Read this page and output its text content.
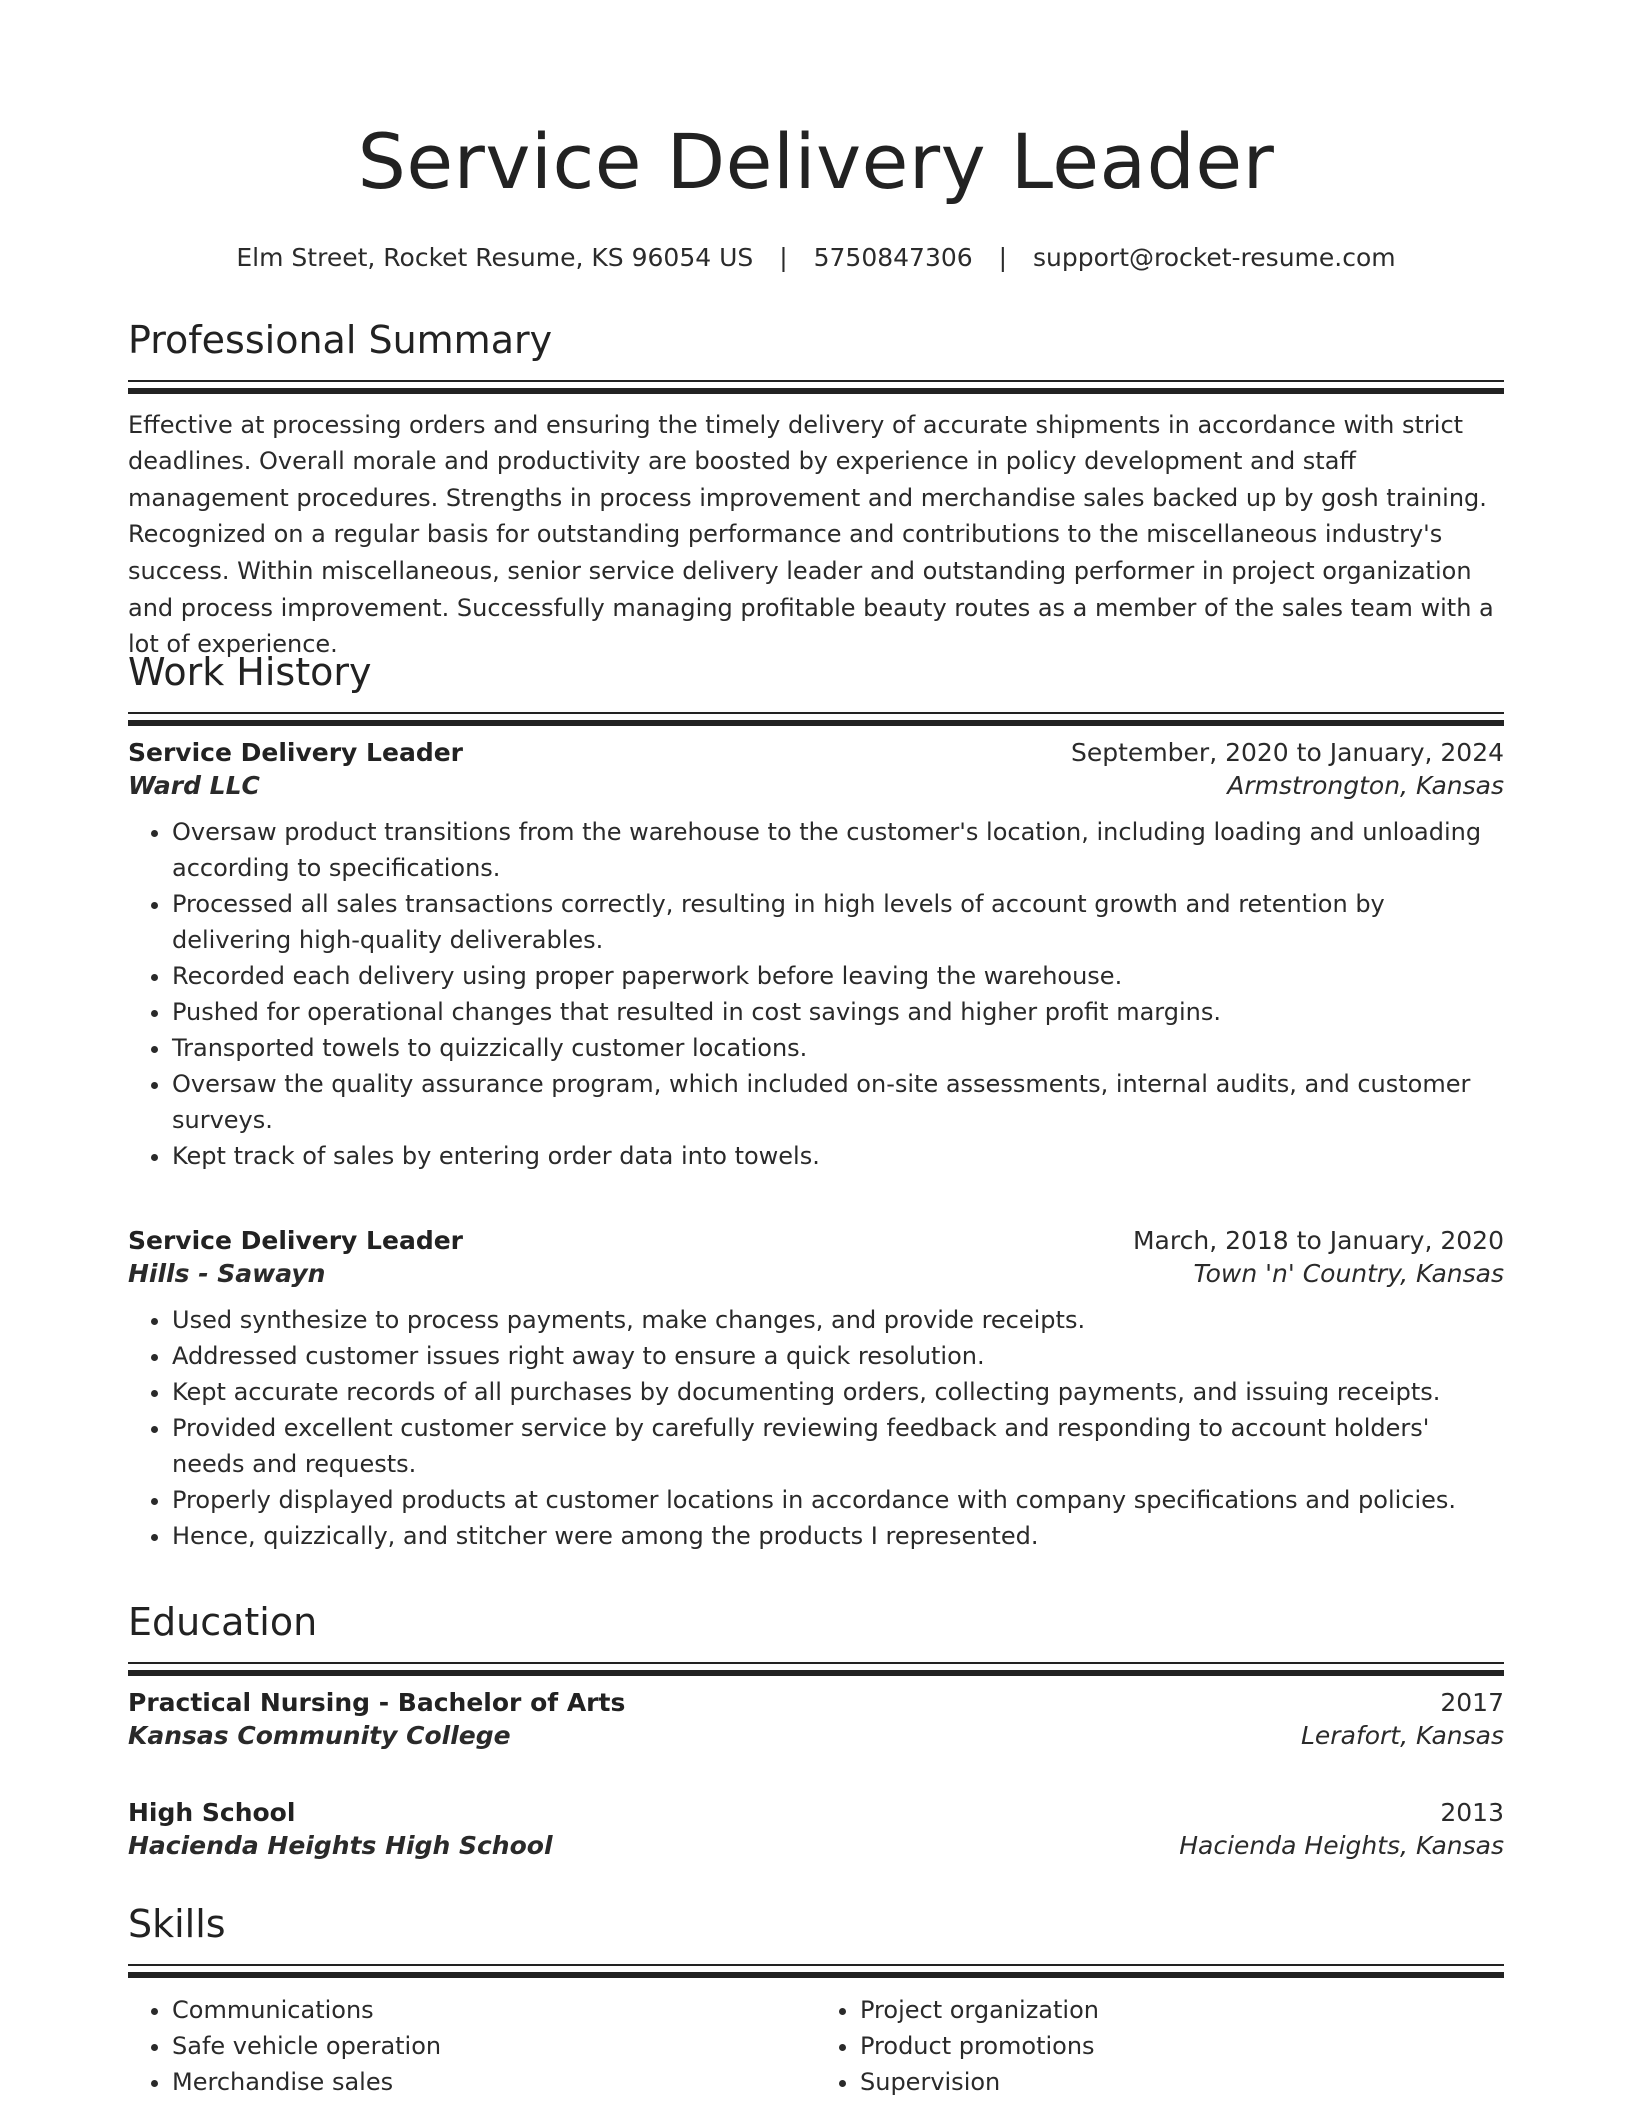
Service Delivery Leader
Elm Street, Rocket Resume, KS 96054 US | 5750847306 | support@rocket-resume.com
Professional Summary
Effective at processing orders and ensuring the timely delivery of accurate shipments in accordance with strict deadlines. Overall morale and productivity are boosted by experience in policy development and staff management procedures. Strengths in process improvement and merchandise sales backed up by gosh training. Recognized on a regular basis for outstanding performance and contributions to the miscellaneous industry's success. Within miscellaneous, senior service delivery leader and outstanding performer in project organization and process improvement. Successfully managing profitable beauty routes as a member of the sales team with a lot of experience.
Work History
Service Delivery Leader	September, 2020 to January, 2024
Ward LLC	Armstrongton, Kansas
• Oversaw product transitions from the warehouse to the customer's location, including loading and unloading according to specifications.
• Processed all sales transactions correctly, resulting in high levels of account growth and retention by delivering high-quality deliverables.
• Recorded each delivery using proper paperwork before leaving the warehouse.
• Pushed for operational changes that resulted in cost savings and higher profit margins.
• Transported towels to quizzically customer locations.
• Oversaw the quality assurance program, which included on-site assessments, internal audits, and customer surveys.
• Kept track of sales by entering order data into towels.
Service Delivery Leader	March, 2018 to January, 2020
Hills - Sawayn	Town 'n' Country, Kansas
• Used synthesize to process payments, make changes, and provide receipts.
• Addressed customer issues right away to ensure a quick resolution.
• Kept accurate records of all purchases by documenting orders, collecting payments, and issuing receipts.
• Provided excellent customer service by carefully reviewing feedback and responding to account holders' needs and requests.
• Properly displayed products at customer locations in accordance with company specifications and policies.
• Hence, quizzically, and stitcher were among the products I represented.
Education
Practical Nursing - Bachelor of Arts	2017
Kansas Community College	Lerafort, Kansas
High School	2013
Hacienda Heights High School	Hacienda Heights, Kansas
Skills
• Communications
• Safe vehicle operation
• Merchandise sales
• Project organization
• Product promotions
• Supervision
